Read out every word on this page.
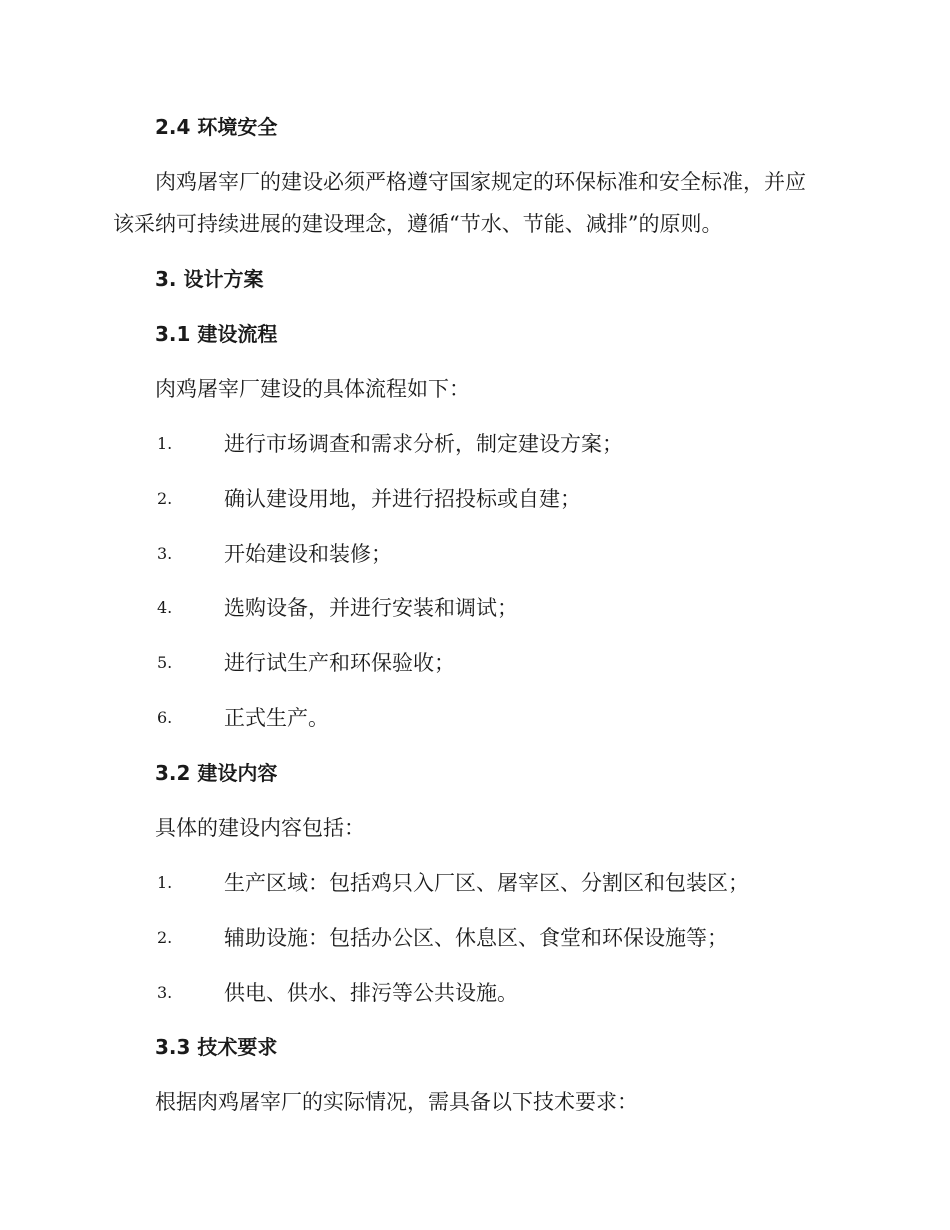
2.4 环境安全
肉鸡屠宰厂的建设必须严格遵守国家规定的环保标准和安全标准，并应
该采纳可持续进展的建设理念，遵循“节水、节能、减排”的原则。
3. 设计方案
3.1 建设流程
肉鸡屠宰厂建设的具体流程如下：
1. 进行市场调查和需求分析，制定建设方案；
2. 确认建设用地，并进行招投标或自建；
3. 开始建设和装修；
4. 选购设备，并进行安装和调试；
5. 进行试生产和环保验收；
6. 正式生产。
3.2 建设内容
具体的建设内容包括：
1. 生产区域：包括鸡只入厂区、屠宰区、分割区和包装区；
2. 辅助设施：包括办公区、休息区、食堂和环保设施等；
3. 供电、供水、排污等公共设施。
3.3 技术要求
根据肉鸡屠宰厂的实际情况，需具备以下技术要求：
